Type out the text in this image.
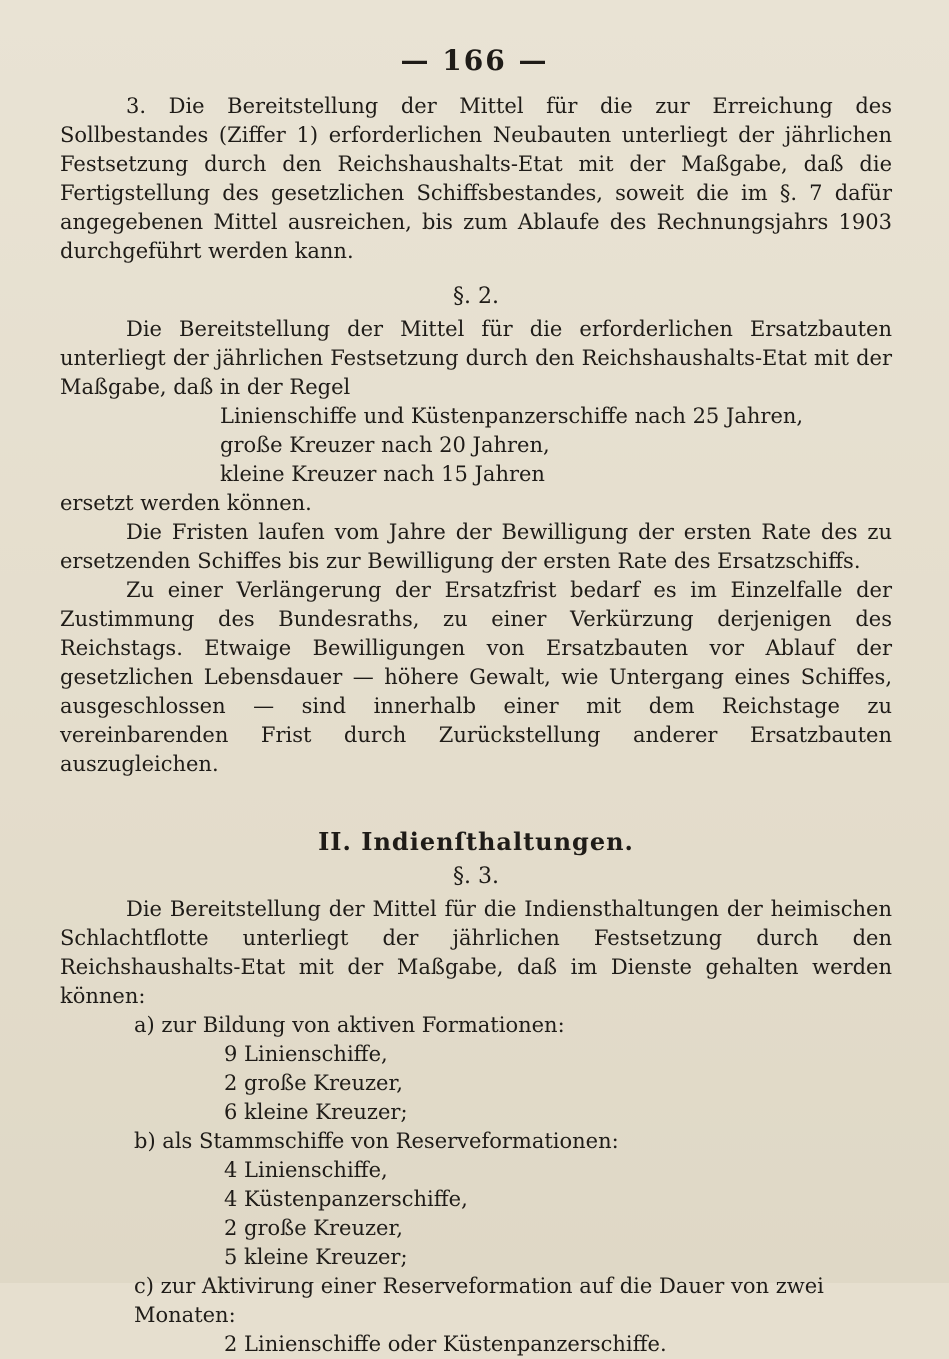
— 166 —

3. Die Bereitstellung der Mittel für die zur Erreichung des Sollbestandes (Ziffer 1) erforderlichen Neubauten unterliegt der jährlichen Festsetzung durch den Reichshaushalts-Etat mit der Maßgabe, daß die Fertigstellung des gesetzlichen Schiffsbestandes, soweit die im §. 7 dafür angegebenen Mittel ausreichen, bis zum Ablaufe des Rechnungsjahrs 1903 durchgeführt werden kann.

§. 2.

Die Bereitstellung der Mittel für die erforderlichen Ersatzbauten unterliegt der jährlichen Festsetzung durch den Reichshaushalts-Etat mit der Maßgabe, daß in der Regel

Linienschiffe und Küstenpanzerschiffe nach 25 Jahren,
große Kreuzer nach 20 Jahren,
kleine Kreuzer nach 15 Jahren

ersetzt werden können.

Die Fristen laufen vom Jahre der Bewilligung der ersten Rate des zu ersetzenden Schiffes bis zur Bewilligung der ersten Rate des Ersatzschiffs.

Zu einer Verlängerung der Ersatzfrist bedarf es im Einzelfalle der Zustimmung des Bundesraths, zu einer Verkürzung derjenigen des Reichstags. Etwaige Bewilligungen von Ersatzbauten vor Ablauf der gesetzlichen Lebensdauer — höhere Gewalt, wie Untergang eines Schiffes, ausgeschlossen — sind innerhalb einer mit dem Reichstage zu vereinbarenden Frist durch Zurückstellung anderer Ersatzbauten auszugleichen.

II. Indienſthaltungen.
§. 3.

Die Bereitstellung der Mittel für die Indiensthaltungen der heimischen Schlachtflotte unterliegt der jährlichen Festsetzung durch den Reichshaushalts-Etat mit der Maßgabe, daß im Dienste gehalten werden können:

a) zur Bildung von aktiven Formationen:
9 Linienschiffe,
2 große Kreuzer,
6 kleine Kreuzer;
b) als Stammschiffe von Reserveformationen:
4 Linienschiffe,
4 Küstenpanzerschiffe,
2 große Kreuzer,
5 kleine Kreuzer;
c) zur Aktivirung einer Reserveformation auf die Dauer von zwei Monaten:
2 Linienschiffe oder Küstenpanzerschiffe.
